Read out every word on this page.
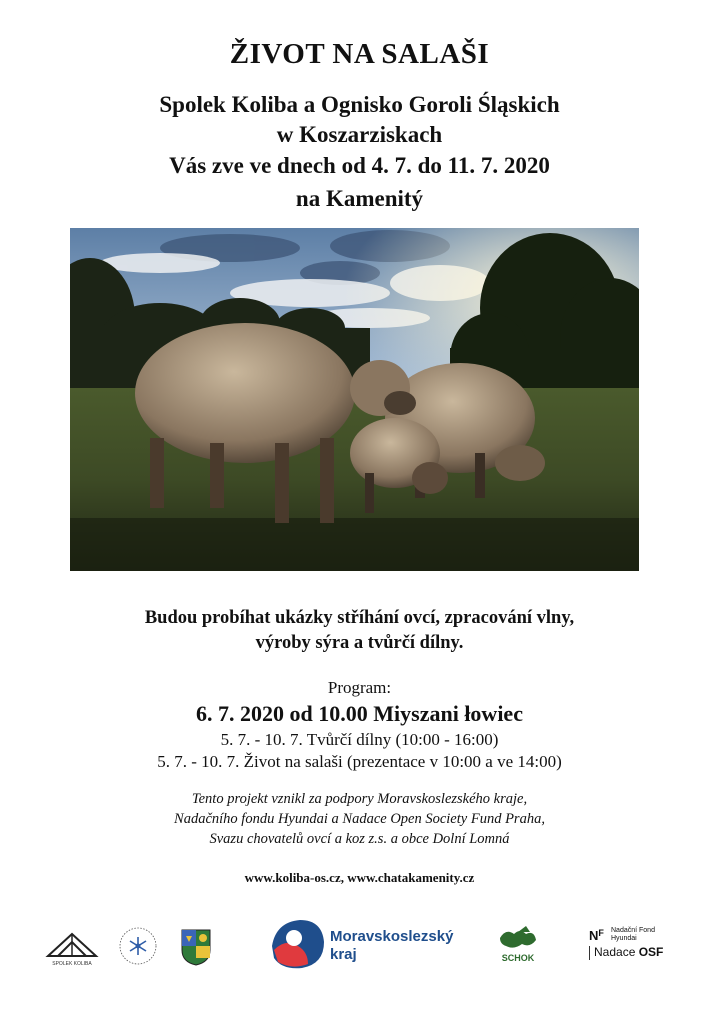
ŽIVOT NA SALAŠI
Spolek Koliba a Ognisko Goroli Śląskich
w Koszarziskach
Vás zve ve dnech od 4. 7. do 11. 7. 2020
na Kamenitý
Budou probíhat ukázky stříhání ovcí, zpracování vlny,
výroby sýra a tvůrčí dílny.
Program:
6. 7. 2020 od 10.00 Miyszani łowiec
5. 7. - 10. 7. Tvůrčí dílny (10:00 - 16:00)
5. 7. - 10. 7. Život na salaši (prezentace v 10:00 a ve 14:00)
Tento projekt vznikl za podpory Moravskoslezského kraje,
Nadačního fondu Hyundai a Nadace Open Society Fund Praha,
Svazu chovatelů ovcí a koz z.s. a obce Dolní Lomná
www.koliba-os.cz, www.chatakamenity.cz
SPOLEK KOLIBA
Moravskoslezský
kraj	SCHOK
$N^F$ Nadační Fond
Hyundai
Nadace OSF
